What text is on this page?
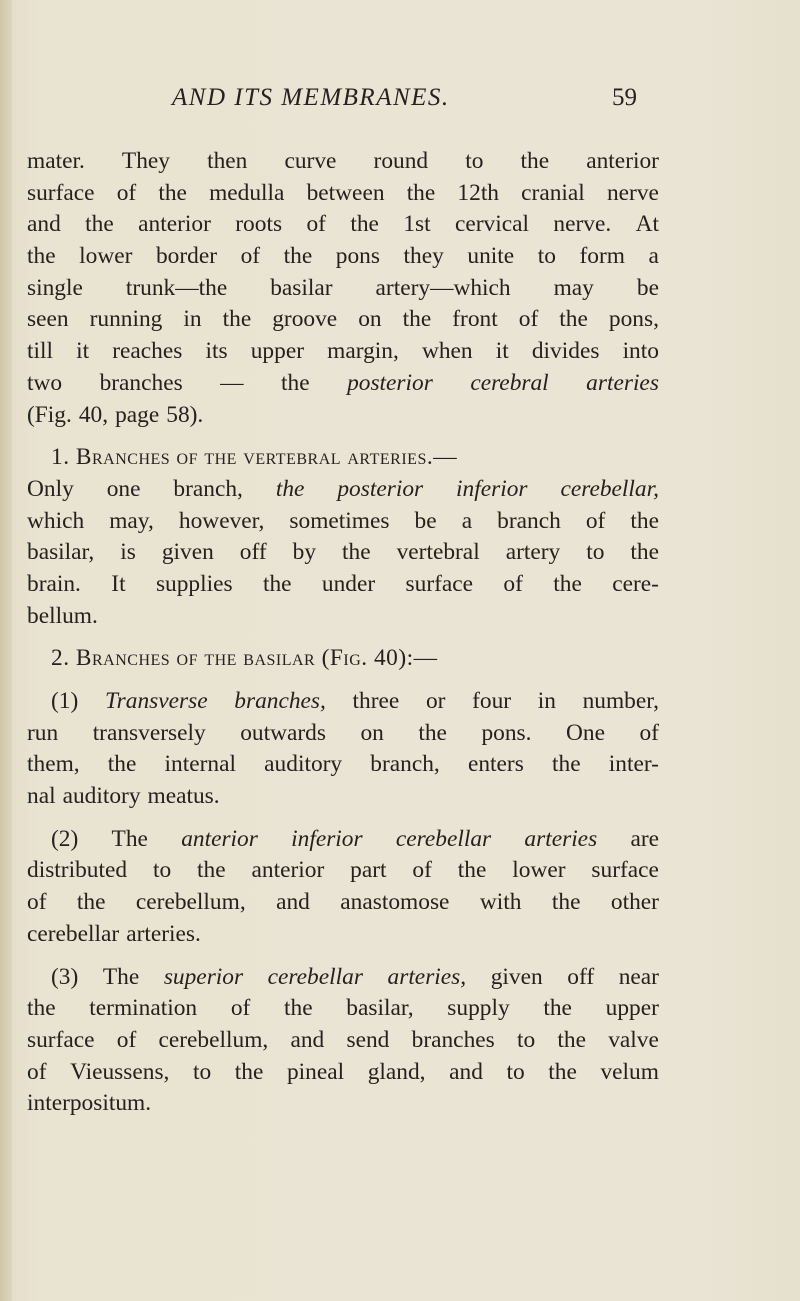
AND ITS MEMBRANES.	59
mater. They then curve round to the anterior
surface of the medulla between the 12th cranial nerve
and the anterior roots of the 1st cervical nerve. At
the lower border of the pons they unite to form a
single trunk—the basilar artery—which may be
seen running in the groove on the front of the pons,
till it reaches its upper margin, when it divides into
two branches — the posterior cerebral arteries
(Fig. 40, page 58).
1. Branches of the vertebral arteries.—
Only one branch, the posterior inferior cerebellar,
which may, however, sometimes be a branch of the
basilar, is given off by the vertebral artery to the
brain. It supplies the under surface of the cere-
bellum.
2. Branches of the basilar (Fig. 40):—
(1) Transverse branches, three or four in number,
run transversely outwards on the pons. One of
them, the internal auditory branch, enters the inter-
nal auditory meatus.
(2) The anterior inferior cerebellar arteries are
distributed to the anterior part of the lower surface
of the cerebellum, and anastomose with the other
cerebellar arteries.
(3) The superior cerebellar arteries, given off near
the termination of the basilar, supply the upper
surface of cerebellum, and send branches to the valve
of Vieussens, to the pineal gland, and to the velum
interpositum.
